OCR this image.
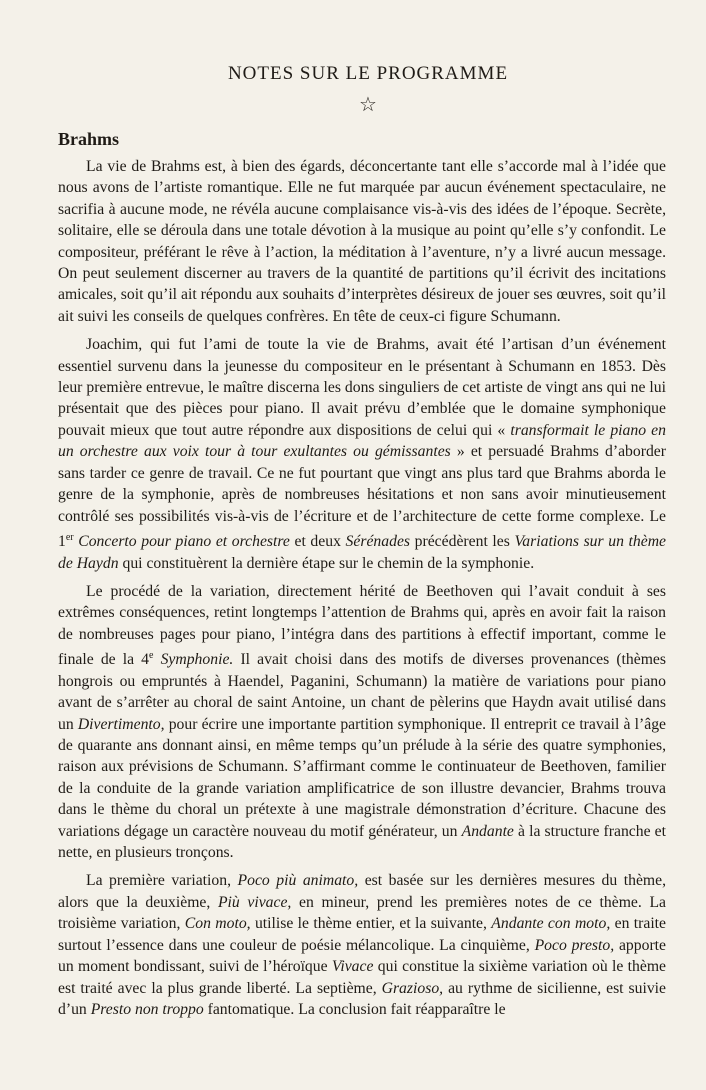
NOTES SUR LE PROGRAMME
☆
Brahms

La vie de Brahms est, à bien des égards, déconcertante tant elle s’accorde mal à l’idée que nous avons de l’artiste romantique. Elle ne fut marquée par aucun événement spectaculaire, ne sacrifia à aucune mode, ne révéla aucune complaisance vis-à-vis des idées de l’époque. Secrète, solitaire, elle se déroula dans une totale dévotion à la musique au point qu’elle s’y confondit. Le compositeur, préférant le rêve à l’action, la méditation à l’aventure, n’y a livré aucun message. On peut seulement discerner au travers de la quantité de partitions qu’il écrivit des incitations amicales, soit qu’il ait répondu aux souhaits d’interprètes désireux de jouer ses œuvres, soit qu’il ait suivi les conseils de quelques confrères. En tête de ceux-ci figure Schumann.

Joachim, qui fut l’ami de toute la vie de Brahms, avait été l’artisan d’un événement essentiel survenu dans la jeunesse du compositeur en le présentant à Schumann en 1853. Dès leur première entrevue, le maître discerna les dons singuliers de cet artiste de vingt ans qui ne lui présentait que des pièces pour piano. Il avait prévu d’emblée que le domaine symphonique pouvait mieux que tout autre répondre aux dispositions de celui qui « transformait le piano en un orchestre aux voix tour à tour exultantes ou gémissantes » et persuadé Brahms d’aborder sans tarder ce genre de travail. Ce ne fut pourtant que vingt ans plus tard que Brahms aborda le genre de la symphonie, après de nombreuses hésitations et non sans avoir minutieusement contrôlé ses possibilités vis-à-vis de l’écriture et de l’architecture de cette forme complexe. Le 1er Concerto pour piano et orchestre et deux Sérénades précédèrent les Variations sur un thème de Haydn qui constituèrent la dernière étape sur le chemin de la symphonie.

Le procédé de la variation, directement hérité de Beethoven qui l’avait conduit à ses extrêmes conséquences, retint longtemps l’attention de Brahms qui, après en avoir fait la raison de nombreuses pages pour piano, l’intégra dans des partitions à effectif important, comme le finale de la 4e Symphonie. Il avait choisi dans des motifs de diverses provenances (thèmes hongrois ou empruntés à Haendel, Paganini, Schumann) la matière de variations pour piano avant de s’arrêter au choral de saint Antoine, un chant de pèlerins que Haydn avait utilisé dans un Divertimento, pour écrire une importante partition symphonique. Il entreprit ce travail à l’âge de quarante ans donnant ainsi, en même temps qu’un prélude à la série des quatre symphonies, raison aux prévisions de Schumann. S’affirmant comme le continuateur de Beethoven, familier de la conduite de la grande variation amplificatrice de son illustre devancier, Brahms trouva dans le thème du choral un prétexte à une magistrale démonstration d’écriture. Chacune des variations dégage un caractère nouveau du motif générateur, un Andante à la structure franche et nette, en plusieurs tronçons.

La première variation, Poco più animato, est basée sur les dernières mesures du thème, alors que la deuxième, Più vivace, en mineur, prend les premières notes de ce thème. La troisième variation, Con moto, utilise le thème entier, et la suivante, Andante con moto, en traite surtout l’essence dans une couleur de poésie mélancolique. La cinquième, Poco presto, apporte un moment bondissant, suivi de l’héroïque Vivace qui constitue la sixième variation où le thème est traité avec la plus grande liberté. La septième, Grazioso, au rythme de sicilienne, est suivie d’un Presto non troppo fantomatique. La conclusion fait réapparaître le
